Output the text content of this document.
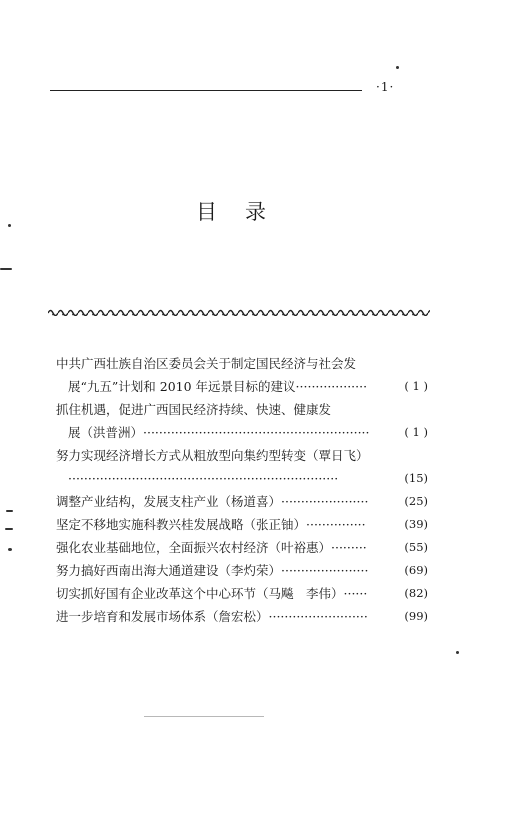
·1·
目录
中共广西壮族自治区委员会关于制定国民经济与社会发
展“九五”计划和 2010 年远景目标的建议··················	( 1 )
抓住机遇，促进广西国民经济持续、快速、健康发
展（洪普洲）·························································	( 1 )
努力实现经济增长方式从粗放型向集约型转变（覃日飞）
····································································	(15)
调整产业结构，发展支柱产业（杨道喜）······················	(25)
坚定不移地实施科教兴桂发展战略（张正铀）···············	(39)
强化农业基础地位，全面振兴农村经济（叶裕惠）·········	(55)
努力搞好西南出海大通道建设（李灼荣）······················	(69)
切实抓好国有企业改革这个中心环节（马飚　李伟）······	(82)
进一步培育和发展市场体系（詹宏松）·························	(99)
